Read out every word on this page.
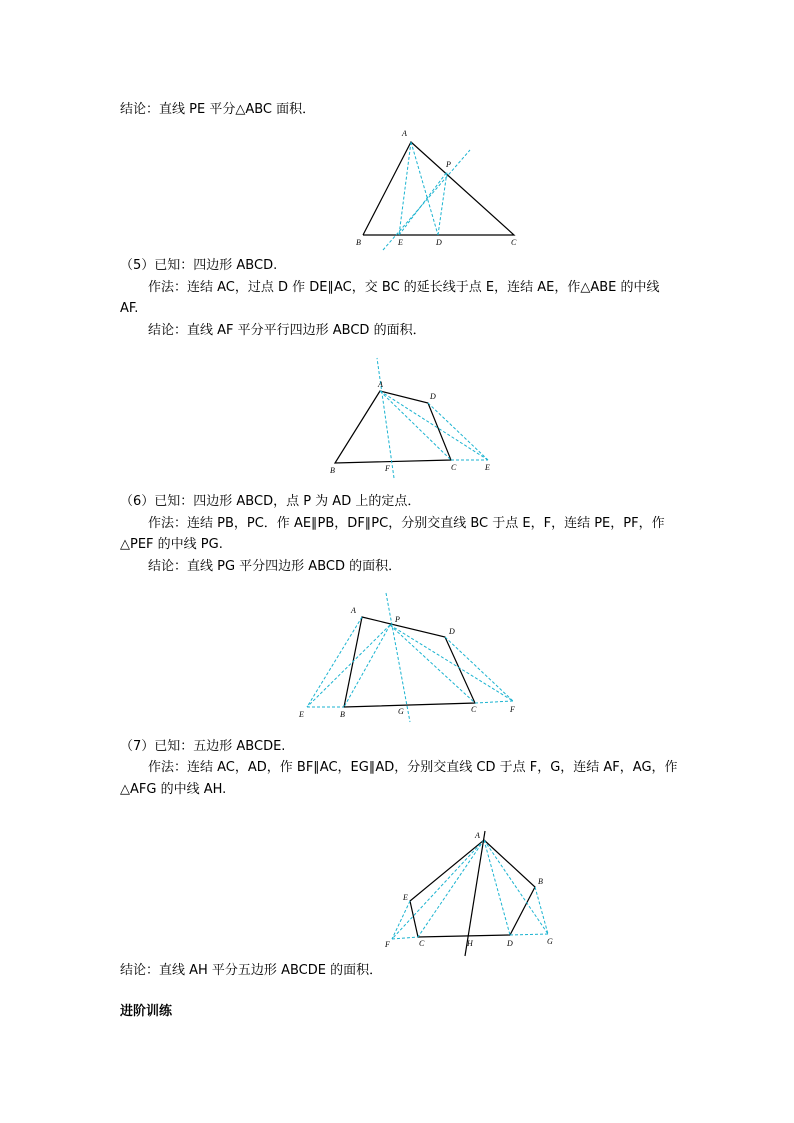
结论：直线 PE 平分△ABC 面积．
A
P
B	E	D	C
（5）已知：四边形 ABCD.
作法：连结 AC，过点 D 作 DE∥AC，交 BC 的延长线于点 E，连结 AE，作△ABE 的中线
AF.
结论：直线 AF 平分平行四边形 ABCD 的面积．
A
D
B	F	C	E
（6）已知：四边形 ABCD，点 P 为 AD 上的定点．
作法：连结 PB，PC．作 AE∥PB，DF∥PC，分别交直线 BC 于点 E，F，连结 PE，PF，作
△PEF 的中线 PG.
结论：直线 PG 平分四边形 ABCD 的面积．
A
P
D
E	B	G	C	F
（7）已知：五边形 ABCDE.
作法：连结 AC，AD，作 BF∥AC，EG∥AD，分别交直线 CD 于点 F，G，连结 AF，AG，作
△AFG 的中线 AH.
A
B
E
F	C	H	D	G
结论：直线 AH 平分五边形 ABCDE 的面积．
进阶训练
